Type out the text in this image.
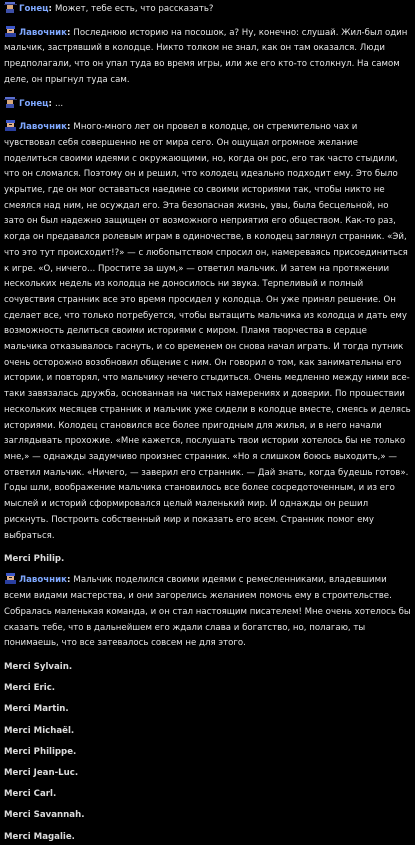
Гонец: Может, тебе есть, что рассказать?
Лавочник: Последнюю историю на посошок, а? Ну, конечно: слушай. Жил-был один мальчик, застрявший в колодце. Никто толком не знал, как он там оказался. Люди предполагали, что он упал туда во время игры, или же его кто-то столкнул. На самом деле, он прыгнул туда сам.
Гонец: ...
Лавочник: Много-много лет он провел в колодце, он стремительно чах и чувствовал себя совершенно не от мира сего. Он ощущал огромное желание поделиться своими идеями с окружающими, но, когда он рос, его так часто стыдили, что он сломался. Поэтому он и решил, что колодец идеально подходит ему. Это было укрытие, где он мог оставаться наедине со своими историями так, чтобы никто не смеялся над ним, не осуждал его. Эта безопасная жизнь, увы, была бесцельной, но зато он был надежно защищен от возможного неприятия его обществом. Как-то раз, когда он предавался ролевым играм в одиночестве, в колодец заглянул странник. «Эй, что это тут происходит!?» — с любопытством спросил он, намереваясь присоединиться к игре. «О, ничего... Простите за шум,» — ответил мальчик. И затем на протяжении нескольких недель из колодца не доносилось ни звука. Терпеливый и полный сочувствия странник все это время просидел у колодца. Он уже принял решение. Он сделает все, что только потребуется, чтобы вытащить мальчика из колодца и дать ему возможность делиться своими историями с миром. Пламя творчества в сердце мальчика отказывалось гаснуть, и со временем он снова начал играть. И тогда путник очень осторожно возобновил общение с ним. Он говорил о том, как занимательны его истории, и повторял, что мальчику нечего стыдиться. Очень медленно между ними все-таки завязалась дружба, основанная на чистых намерениях и доверии. По прошествии нескольких месяцев странник и мальчик уже сидели в колодце вместе, смеясь и делясь историями. Колодец становился все более пригодным для жилья, и в него начали заглядывать прохожие. «Мне кажется, послушать твои истории хотелось бы не только мне,» — однажды задумчиво произнес странник. «Но я слишком боюсь выходить,» — ответил мальчик. «Ничего, — заверил его странник. — Дай знать, когда будешь готов». Годы шли, воображение мальчика становилось все более сосредоточенным, и из его мыслей и историй сформировался целый маленький мир. И однажды он решил рискнуть. Построить собственный мир и показать его всем. Странник помог ему выбраться.
Merci Philip.
Лавочник: Мальчик поделился своими идеями с ремесленниками, владевшими всеми видами мастерства, и они загорелись желанием помочь ему в строительстве. Собралась маленькая команда, и он стал настоящим писателем! Мне очень хотелось бы сказать тебе, что в дальнейшем его ждали слава и богатство, но, полагаю, ты понимаешь, что все затевалось совсем не для этого.
Merci Sylvain.
Merci Eric.
Merci Martin.
Merci Michaël.
Merci Philippe.
Merci Jean-Luc.
Merci Carl.
Merci Savannah.
Merci Magalie.
